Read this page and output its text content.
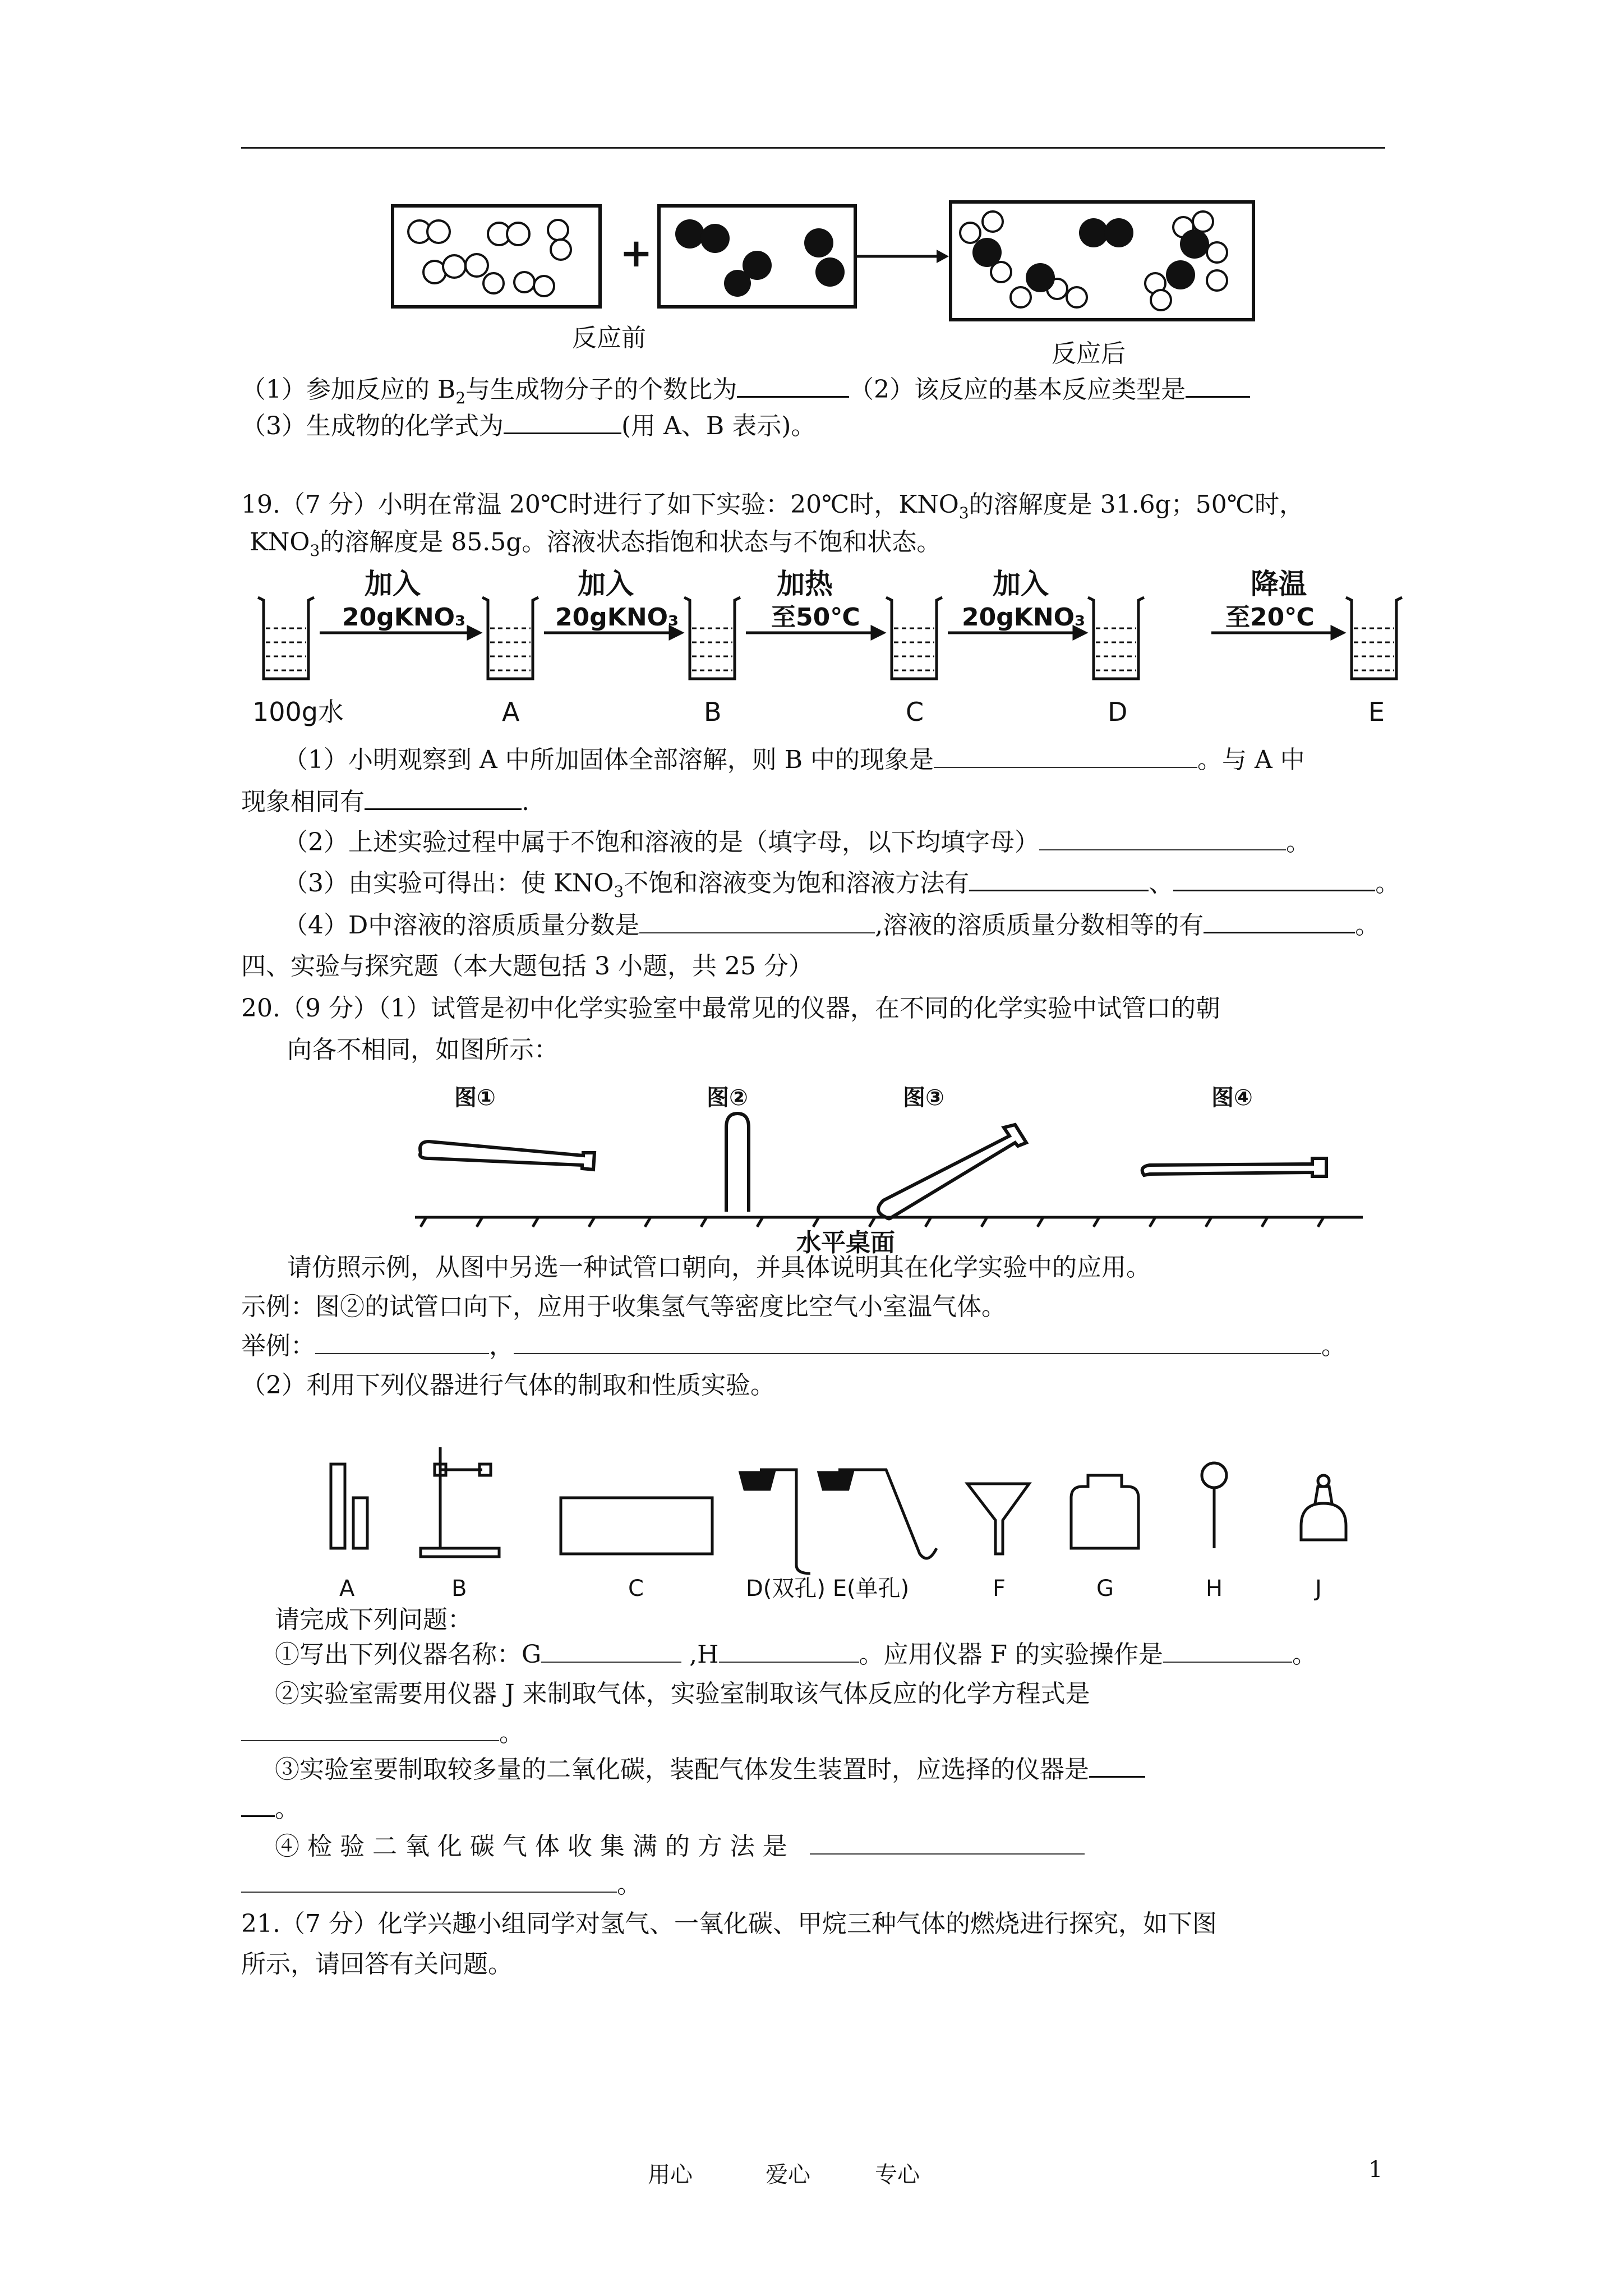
+
反应前
反应后
（1）参加反应的 $B_2$与生成物分子的个数比为	（2）该反应的基本反应类型是
（3）生成物的化学式为	(用 A、B 表示)。
19.（7 分）小明在常温 20℃时进行了如下实验：20℃时，$KNO_3$的溶解度是 31.6g；50℃时，
$KNO_3$的溶解度是 85.5g。溶液状态指饱和状态与不饱和状态。
加入
20gKNO₃
加入
20gKNO₃
加热
至50℃
加入
20gKNO₃
降温
至20℃
100g水	A	B	C	D	E
（1）小明观察到 A 中所加固体全部溶解，则 B 中的现象是	。与 A 中
现象相同有	.
（2）上述实验过程中属于不饱和溶液的是（填字母，以下均填字母）	。
（3）由实验可得出：使 $KNO_3$不饱和溶液变为饱和溶液方法有	、	。
（4）D中溶液的溶质质量分数是	,溶液的溶质质量分数相等的有	。
四、实验与探究题（本大题包括 3 小题，共 25 分）
20.（9 分）（1）试管是初中化学实验室中最常见的仪器，在不同的化学实验中试管口的朝
向各不相同，如图所示：
图①	图②	图③	图④
水平桌面
请仿照示例，从图中另选一种试管口朝向，并具体说明其在化学实验中的应用。
示例：图②的试管口向下，应用于收集氢气等密度比空气小室温气体。
举例：	，	。
（2）利用下列仪器进行气体的制取和性质实验。
A	B	C	D(双孔) E(单孔)	F	G	H	J
请完成下列问题：
①写出下列仪器名称：G	,H	。应用仪器 F 的实验操作是	。
②实验室需要用仪器 J 来制取气体，实验室制取该气体反应的化学方程式是
。
③实验室要制取较多量的二氧化碳，装配气体发生装置时，应选择的仪器是
。
④ 检 验 二 氧 化 碳 气 体 收 集 满 的 方 法 是
。
21.（7 分）化学兴趣小组同学对氢气、一氧化碳、甲烷三种气体的燃烧进行探究，如下图
所示，请回答有关问题。
用心	爱心	专心	1
